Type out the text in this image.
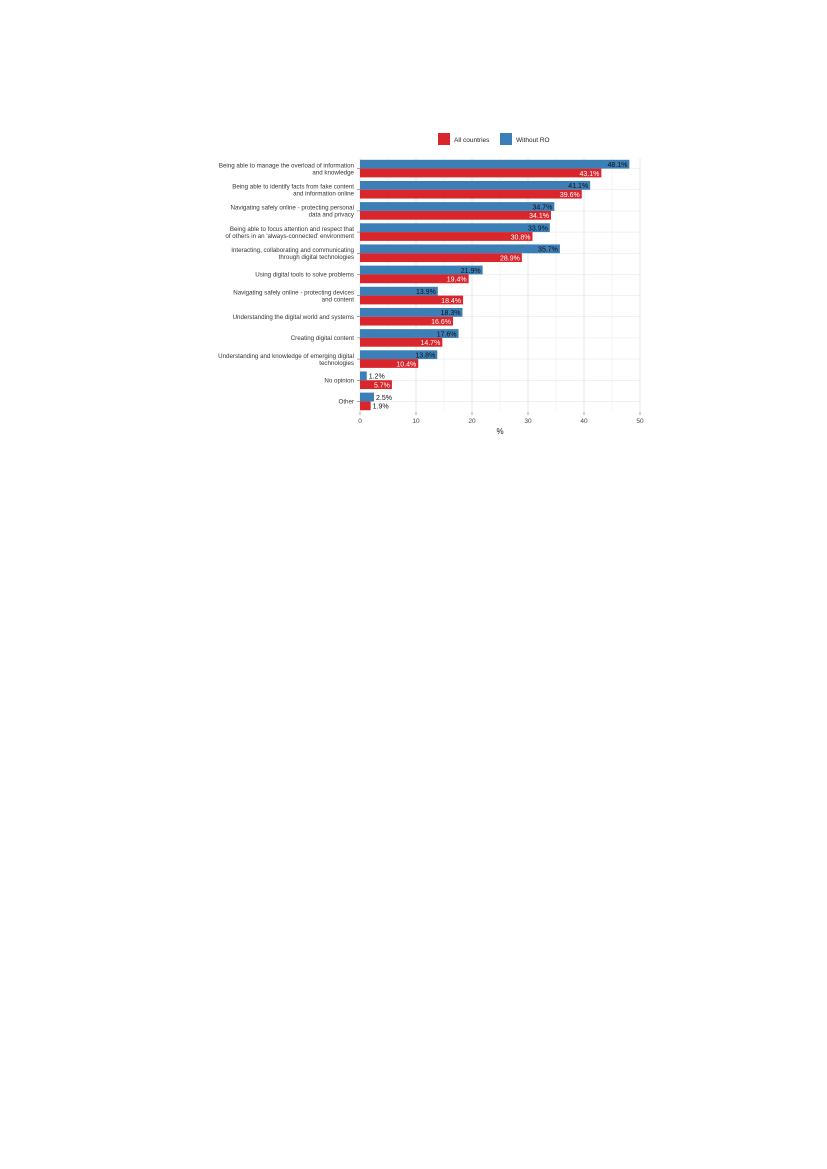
All countries	Without RO
48.1%
43.1%
41.1%
39.6%
34.7%
34.1%
33.9%
30.8%
35.7%
28.9%
21.9%
19.4%
13.9%
18.4%
18.3%
16.6%
17.6%
14.7%
13.8%
10.4%
1.2%
5.7%
2.5%
1.9%
Being able to manage the overload of information and knowledge
Being able to identify facts from fake content and information online
Navigating safely online - protecting personal data and privacy
Being able to focus attention and respect that of others in an 'always-connected' environment
Interacting, collaborating and communicating through digital technologies
Using digital tools to solve problems
Navigating safely online - protecting devices and content
Understanding the digital world and systems
Creating digital content
Understanding and knowledge of emerging digital technologies
No opinion
Other
0	10	20	30	40	50
%
